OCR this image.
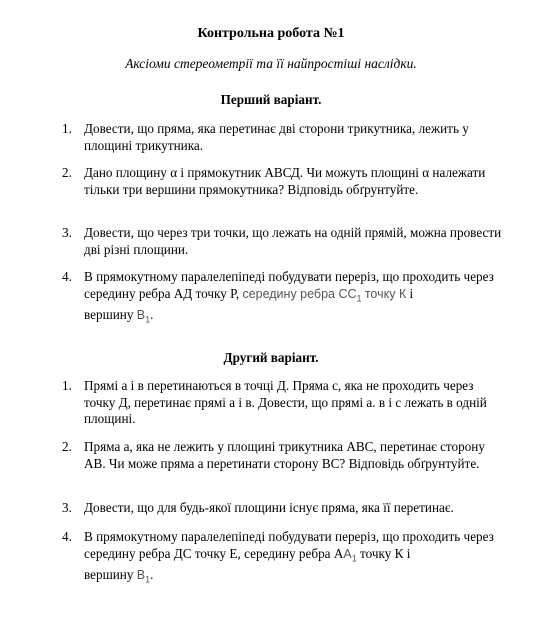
Контрольна робота №1
Аксіоми стереометрії та її найпростіші наслідки.
Перший варіант.
1. Довести, що пряма, яка перетинає дві сторони трикутника, лежить у площині трикутника.
2. Дано площину α і прямокутник АВСД. Чи можуть площині α належати тільки три вершини прямокутника? Відповідь обґрунтуйте.
3. Довести, що через три точки, що лежать на одній прямій, можна провести дві різні площини.
4. В прямокутному паралелепіпеді побудувати переріз, що проходить через середину ребра АД точку Р, середину ребра $СС_1$ точку К і
вершину $В_1$.
Другий варіант.
1. Прямі a і в перетинаються в точці Д. Пряма с, яка не проходить через точку Д, перетинає прямі a і в. Довести, що прямі a. в і с лежать в одній площині.
2. Пряма a, яка не лежить у площині трикутника АВС, перетинає сторону АВ. Чи може пряма a перетинати сторону ВС? Відповідь обґрунтуйте.
3. Довести, що для будь-якої площини існує пряма, яка її перетинає.
4. В прямокутному паралелепіпеді побудувати переріз, що проходить через середину ребра ДС точку Е, середину ребра $АА_1$ точку К і
вершину $В_1$.
